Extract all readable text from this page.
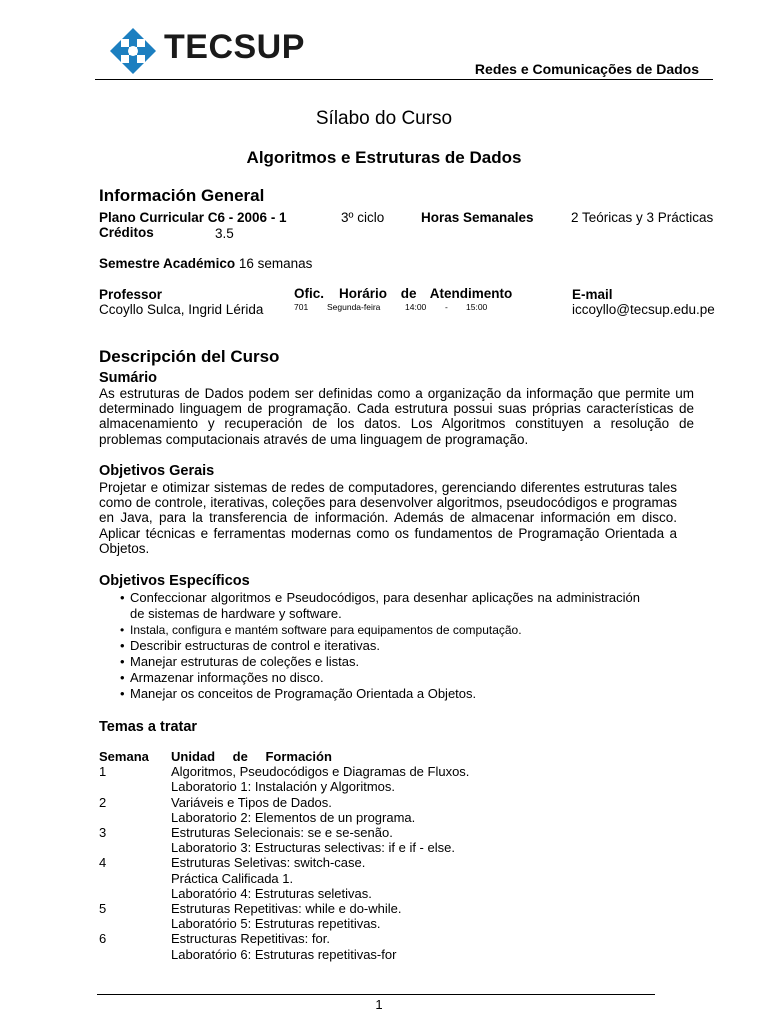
TECSUP
Redes e Comunicações de Dados
Sílabo do Curso
Algoritmos e Estruturas de Dados
Información General
Plano Curricular C6 - 2006 - 1	3º ciclo	Horas Semanales	2 Teóricas y 3 Prácticas
Créditos	3.5
Semestre Académico 16 semanas
Professor
Ccoyllo Sulca, Ingrid Lérida
Ofic. Horário de Atendimento
701 Segunda-feira	14:00 - 15:00
E-mail
iccoyllo@tecsup.edu.pe
Descripción del Curso
Sumário

As estruturas de Dados podem ser definidas como a organização da informação que permite um determinado linguagem de programação. Cada estrutura possui suas próprias características de almacenamiento y recuperación de los datos. Los Algoritmos constituyen a resolução de problemas computacionais através de uma linguagem de programação.

Objetivos Gerais

Projetar e otimizar sistemas de redes de computadores, gerenciando diferentes estruturas tales como de controle, iterativas, coleções para desenvolver algoritmos, pseudocódigos e programas en Java, para la transferencia de información. Además de almacenar información em disco. Aplicar técnicas e ferramentas modernas como os fundamentos de Programação Orientada a Objetos.

Objetivos Específicos
• Confeccionar algoritmos e Pseudocódigos, para desenhar aplicações na administración de sistemas de hardware y software.
• Instala, configura e mantém software para equipamentos de computação.
• Describir estructuras de control e iterativas.
• Manejar estruturas de coleções e listas.
• Armazenar informações no disco.
• Manejar os conceitos de Programação Orientada a Objetos.
Temas a tratar
Semana	Unidad de Formación
1	Algoritmos, Pseudocódigos e Diagramas de Fluxos.
Laboratorio 1: Instalación y Algoritmos.
2	Variáveis e Tipos de Dados.
Laboratorio 2: Elementos de un programa.
3	Estruturas Selecionais: se e se-senão.
Laboratorio 3: Estructuras selectivas: if e if - else.
4	Estruturas Seletivas: switch-case.
Práctica Calificada 1.
Laboratório 4: Estruturas seletivas.
5	Estruturas Repetitivas: while e do-while.
Laboratório 5: Estruturas repetitivas.
6	Estructuras Repetitivas: for.
Laboratório 6: Estruturas repetitivas-for
1
